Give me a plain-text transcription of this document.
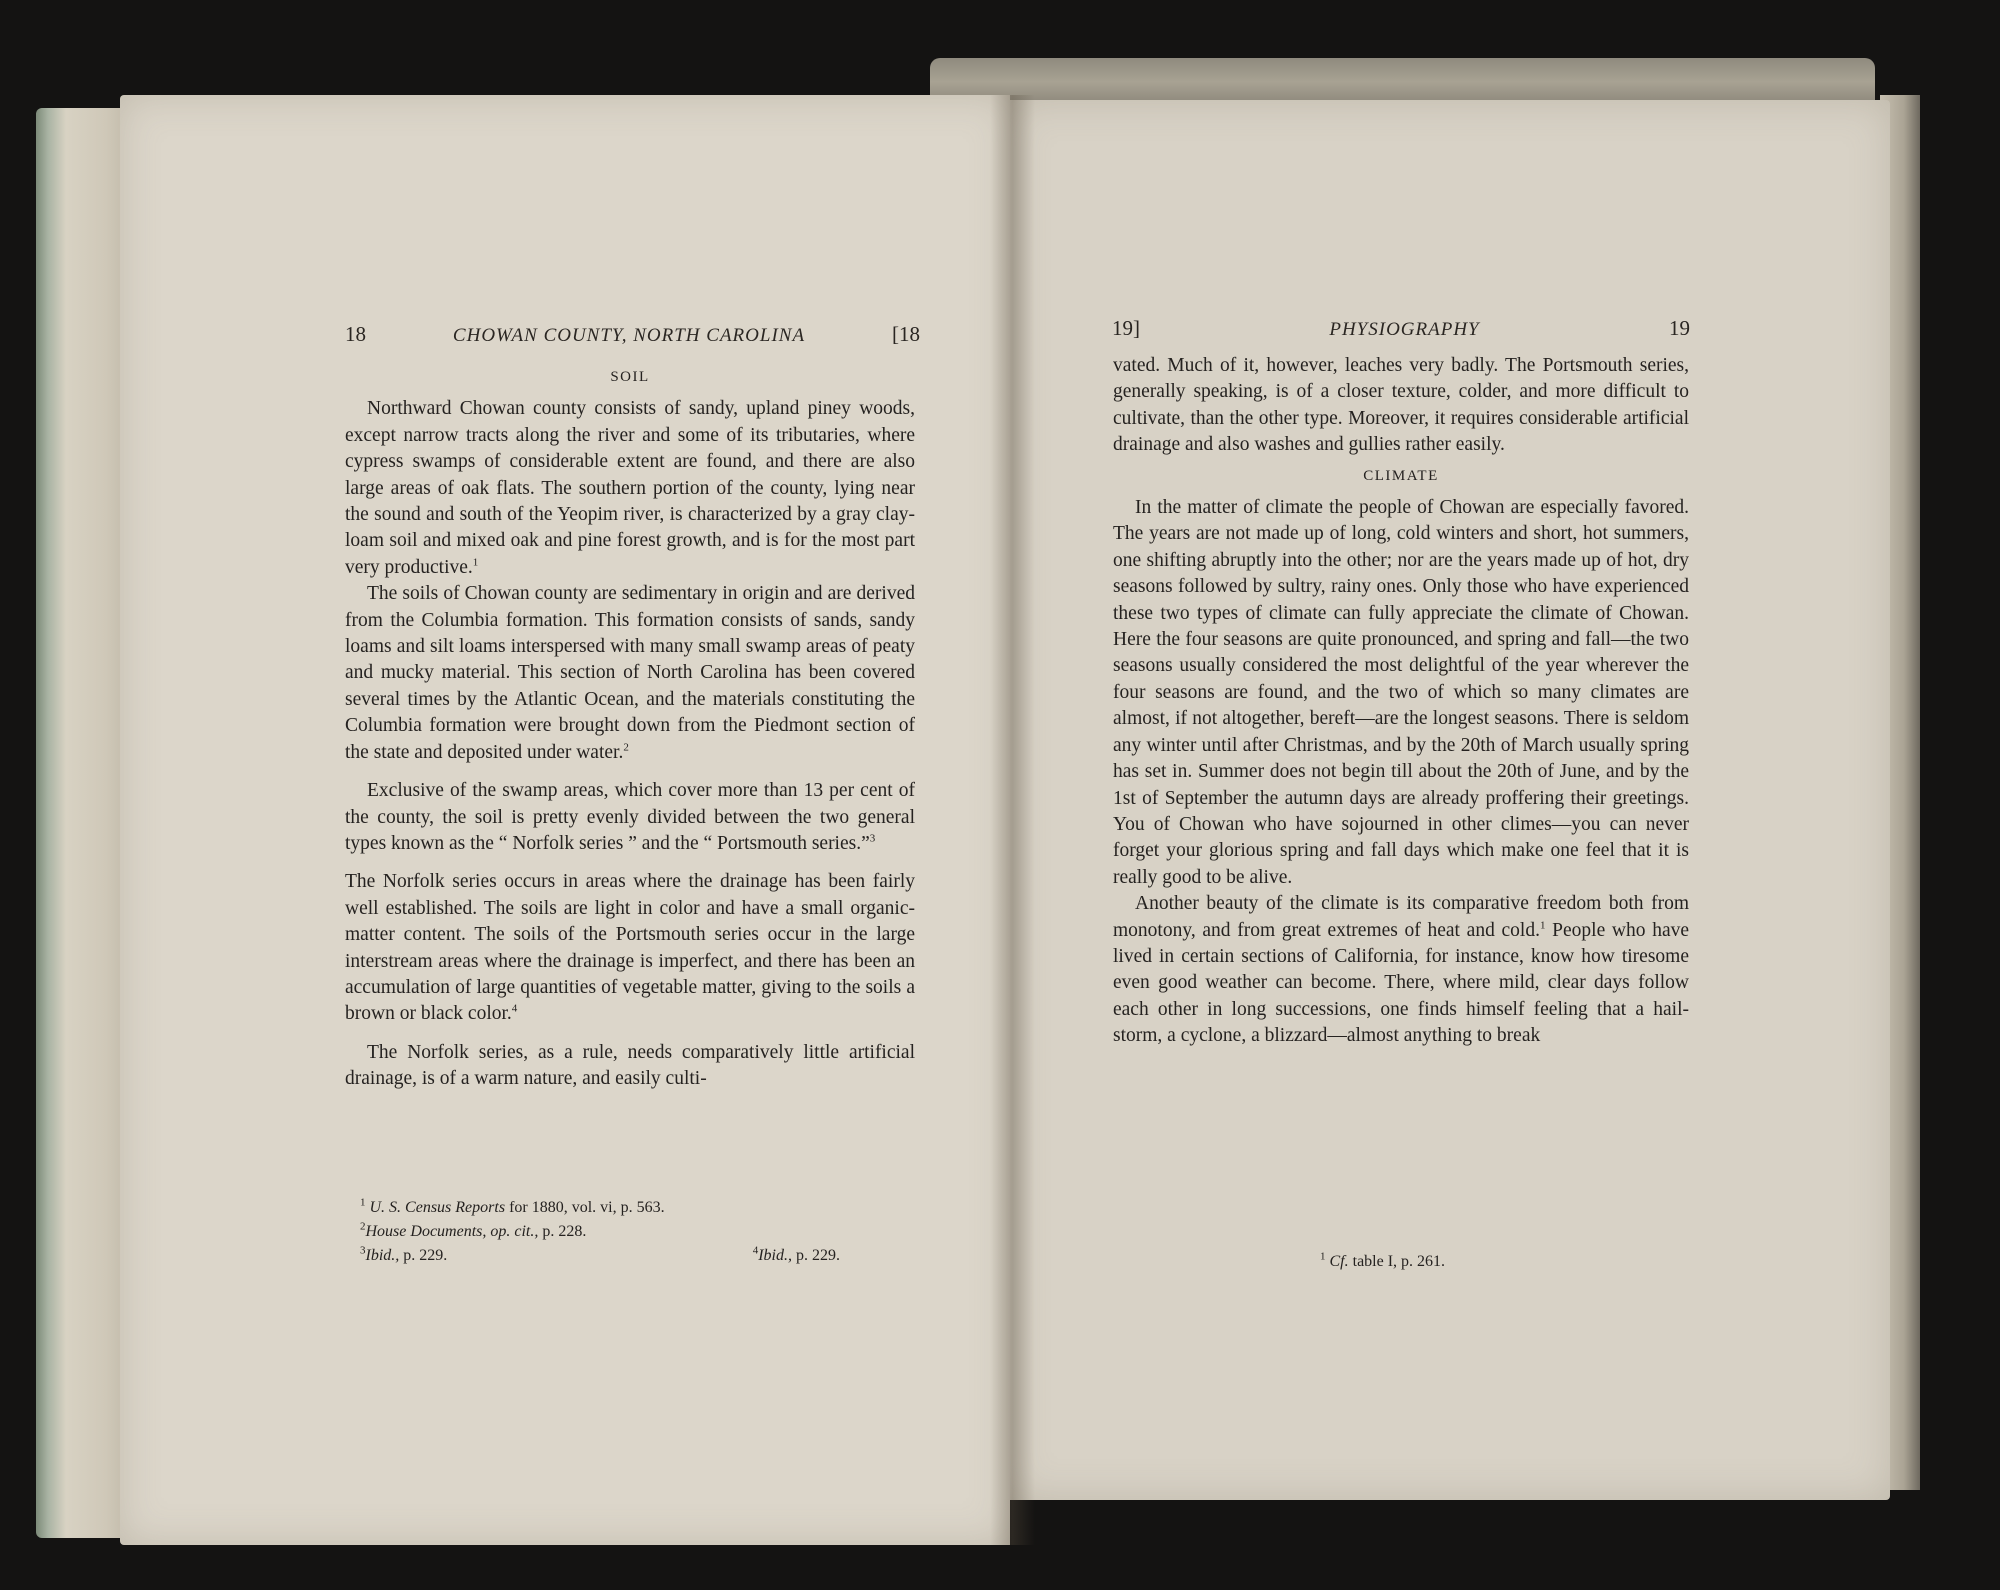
18	CHOWAN COUNTY, NORTH CAROLINA	[18
SOIL

Northward Chowan county consists of sandy, upland piney woods, except narrow tracts along the river and some of its tributaries, where cypress swamps of considerable extent are found, and there are also large areas of oak flats. The southern portion of the county, lying near the sound and south of the Yeopim river, is characterized by a gray clay-loam soil and mixed oak and pine forest growth, and is for the most part very productive.$^1$

The soils of Chowan county are sedimentary in origin and are derived from the Columbia formation. This formation consists of sands, sandy loams and silt loams interspersed with many small swamp areas of peaty and mucky material. This section of North Carolina has been covered several times by the Atlantic Ocean, and the materials constituting the Columbia formation were brought down from the Piedmont section of the state and deposited under water.$^2$

Exclusive of the swamp areas, which cover more than 13 per cent of the county, the soil is pretty evenly divided between the two general types known as the “ Norfolk series ” and the “ Portsmouth series.”$^3$

The Norfolk series occurs in areas where the drainage has been fairly well established. The soils are light in color and have a small organic-matter content. The soils of the Portsmouth series occur in the large interstream areas where the drainage is imperfect, and there has been an accumulation of large quantities of vegetable matter, giving to the soils a brown or black color.$^4$

The Norfolk series, as a rule, needs comparatively little artificial drainage, is of a warm nature, and easily culti-

$^1$ U. S. Census Reports for 1880, vol. vi, p. 563.
$^2$House Documents, op. cit., p. 228.
$^3$Ibid., p. 229.	$^4$Ibid., p. 229.
19]	PHYSIOGRAPHY	19

vated. Much of it, however, leaches very badly. The Portsmouth series, generally speaking, is of a closer texture, colder, and more difficult to cultivate, than the other type. Moreover, it requires considerable artificial drainage and also washes and gullies rather easily.

CLIMATE

In the matter of climate the people of Chowan are especially favored. The years are not made up of long, cold winters and short, hot summers, one shifting abruptly into the other; nor are the years made up of hot, dry seasons followed by sultry, rainy ones. Only those who have experienced these two types of climate can fully appreciate the climate of Chowan. Here the four seasons are quite pronounced, and spring and fall—the two seasons usually considered the most delightful of the year wherever the four seasons are found, and the two of which so many climates are almost, if not altogether, bereft—are the longest seasons. There is seldom any winter until after Christmas, and by the 20th of March usually spring has set in. Summer does not begin till about the 20th of June, and by the 1st of September the autumn days are already proffering their greetings. You of Chowan who have sojourned in other climes—you can never forget your glorious spring and fall days which make one feel that it is really good to be alive.

Another beauty of the climate is its comparative freedom both from monotony, and from great extremes of heat and cold.$^1$ People who have lived in certain sections of California, for instance, know how tiresome even good weather can become. There, where mild, clear days follow each other in long successions, one finds himself feeling that a hail-storm, a cyclone, a blizzard—almost anything to break

$^1$ Cf. table I, p. 261.
